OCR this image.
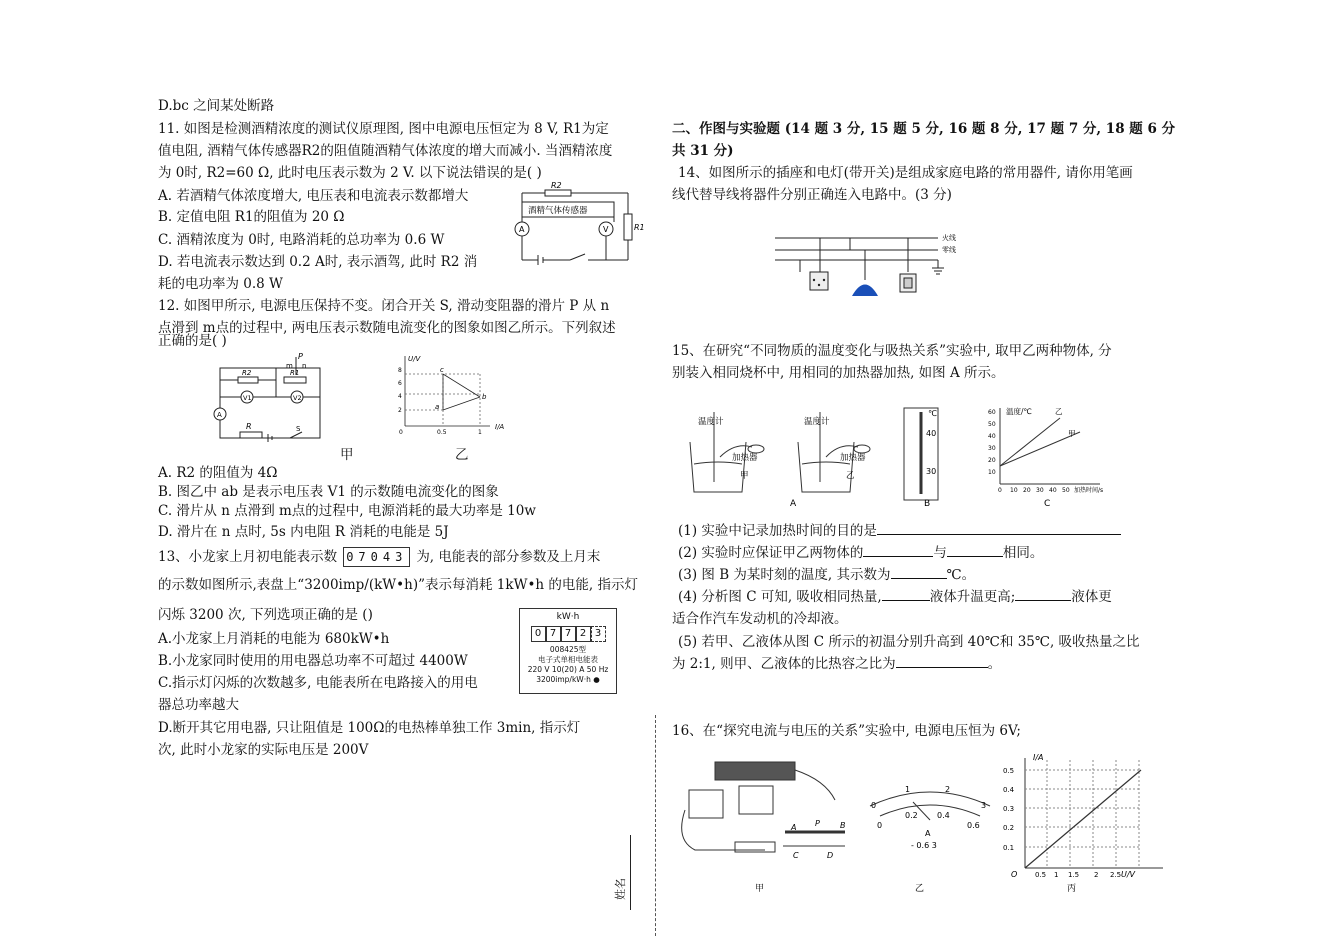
D.bc 之间某处断路
11. 如图是检测酒精浓度的测试仪原理图, 图中电源电压恒定为 8 V, R1为定
值电阻, 酒精气体传感器R2的阻值随酒精气体浓度的增大而减小. 当酒精浓度
为 0时, R2=60 Ω, 此时电压表示数为 2 V. 以下说法错误的是( )
A. 若酒精气体浓度增大, 电压表和电流表示数都增大
B. 定值电阻 R1的阻值为 20 Ω
C. 酒精浓度为 0时, 电路消耗的总功率为 0.6 W
D. 若电流表示数达到 0.2 A时, 表示酒驾, 此时 R2 消
耗的电功率为 0.8 W
R2
酒精气体传感器
A	V	R1
12. 如图甲所示, 电源电压保持不变。闭合开关 S, 滑动变阻器的滑片 P 从 n
点滑到 m点的过程中, 两电压表示数随电流变化的图象如图乙所示。下列叙述
正确的是( )
P
m n
R2	R1
V1	V2
A
R	S
U/V
I/A
8
6
4
2
0	0.5	1
c
b
a
甲	乙
A. R2 的阻值为 4Ω
B. 图乙中 ab 是表示电压表 V1 的示数随电流变化的图象
C. 滑片从 n 点滑到 m点的过程中, 电源消耗的最大功率是 10w
D. 滑片在 n 点时, 5s 内电阻 R 消耗的电能是 5J
13、小龙家上月初电能表示数 07043 为, 电能表的部分参数及上月末
的示数如图所示,表盘上“3200imp/(kW•h)”表示每消耗 1kW•h 的电能, 指示灯
闪烁 3200 次, 下列选项正确的是 ()
A.小龙家上月消耗的电能为 680kW•h
B.小龙家同时使用的用电器总功率不可超过 4400W
C.指示灯闪烁的次数越多, 电能表所在电路接入的用电
器总功率越大
D.断开其它用电器, 只让阻值是 100Ω的电热棒单独工作 3min, 指示灯
次, 此时小龙家的实际电压是 200V
kW·h
0 7 7 2 3
008425型
电子式单相电能表
220 V 10(20) A 50 Hz
3200imp/kW·h ●
二、作图与实验题 (14 题 3 分, 15 题 5 分, 16 题 8 分, 17 题 7 分, 18 题 6 分
共 31 分)
14、如图所示的插座和电灯(带开关)是组成家庭电路的常用器件, 请你用笔画
线代替导线将器件分别正确连入电路中。(3 分)
火线
零线
15、在研究“不同物质的温度变化与吸热关系”实验中, 取甲乙两种物体, 分
别装入相同烧杯中, 用相同的加热器加热, 如图 A 所示。
温度计
加热器
甲
温度计
加热器
乙
℃
40
30
温度/℃	乙
甲
60
50
40
30
20
10
0 10 20 30 40 50 加热时间/s
A	B	C
(1) 实验中记录加热时间的目的是
(2) 实验时应保证甲乙两物体的	与	相同。
(3) 图 B 为某时刻的温度, 其示数为	℃。
(4) 分析图 C 可知, 吸收相同热量,	液体升温更高;	液体更
适合作汽车发动机的冷却液。
(5) 若甲、乙液体从图 C 所示的初温分别升高到 40℃和 35℃, 吸收热量之比
为 2:1, 则甲、乙液体的比热容之比为	。
16、在“探究电流与电压的关系”实验中, 电源电压恒为 6V;
A P	B
C	D
0
1	2
3
0
0.2 0.4
0.6
A
- 0.6 3
I/A
0.5
0.4
0.3
0.2
0.1
O	0.5 1 1.5 2 2.5 U/V
甲	乙	丙
姓名
